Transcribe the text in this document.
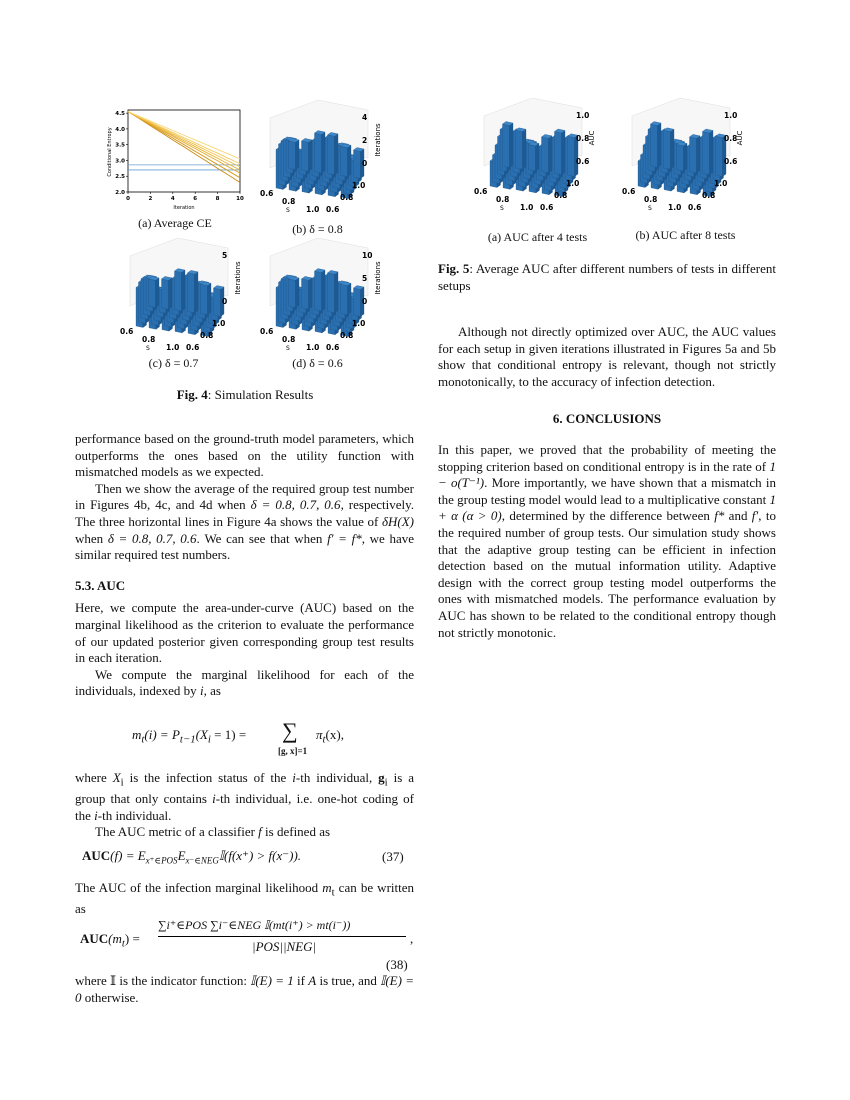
0	2	4	6	8	10
2.0
2.5
3.0
3.5
4.0
4.5
Iteration
Conditional Entropy
(a) Average CE
0.6
0.8
1.0
S	0.6
0.8
1.0
0
2
4
Iterations
(b) δ = 0.8
0.6
0.8
1.0
S	0.6
0.8
1.0
0
5
Iterations
(c) δ = 0.7
0.6
0.8
1.0
S	0.6
0.8
1.0
0
5
10
Iterations
(d) δ = 0.6
Fig. 4: Simulation Results
0.6
0.8
1.0
S	0.6
0.8
1.0
0.6
0.8
1.0
AUC
(a) AUC after 4 tests
0.6
0.8
1.0
S	0.6
0.8
1.0
0.6
0.8
1.0
AUC
(b) AUC after 8 tests
Fig. 5: Average AUC after different numbers of tests in different setups

performance based on the ground-truth model parameters, which outperforms the ones based on the utility function with mismatched models as we expected.

Then we show the average of the required group test number in Figures 4b, 4c, and 4d when δ = 0.8, 0.7, 0.6, respectively. The three horizontal lines in Figure 4a shows the value of δH(X) when δ = 0.8, 0.7, 0.6. We can see that when f′ = f*, we have similar required test numbers.

5.3. AUC

Here, we compute the area-under-curve (AUC) based on the marginal likelihood as the criterion to evaluate the performance of our updated posterior given corresponding group test results in each iteration.

We compute the marginal likelihood for each of the individuals, indexed by i, as

$m_t(i) = P_{t-1}(X_i = 1)$ = ∑
[g, x]=1
$\pi_t(x)$,

where $X_i$ is the infection status of the i-th individual, $g_i$ is a group that only contains i-th individual, i.e. one-hot coding of the i-th individual.

The AUC metric of a classifier f is defined as

$AUC(f) = E_{x^+\in POS}E_{x^-\in NEG}𝕀(f(x^+) > f(x^-))$.	(37)

The AUC of the infection marginal likelihood $m_t$ can be written as

$AUC(m_t)$ =
∑i⁺∈POS ∑i⁻∈NEG 𝕀(mt(i⁺) > mt(i⁻))
|POS||NEG|
,
(38)

where 𝕀 is the indicator function: 𝕀(E) = 1 if A is true, and 𝕀(E) = 0 otherwise.

Although not directly optimized over AUC, the AUC values for each setup in given iterations illustrated in Figures 5a and 5b show that conditional entropy is relevant, though not strictly monotonically, to the accuracy of infection detection.

6. CONCLUSIONS

In this paper, we proved that the probability of meeting the stopping criterion based on conditional entropy is in the rate of 1 − o(T⁻¹). More importantly, we have shown that a mismatch in the group testing model would lead to a multiplicative constant 1 + α (α > 0), determined by the difference between f* and f′, to the required number of group tests. Our simulation study shows that the adaptive group testing can be efficient in infection detection based on the mutual information utility. Adaptive design with the correct group testing model outperforms the ones with mismatched models. The performance evaluation by AUC has shown to be related to the conditional entropy though not strictly monotonic.
